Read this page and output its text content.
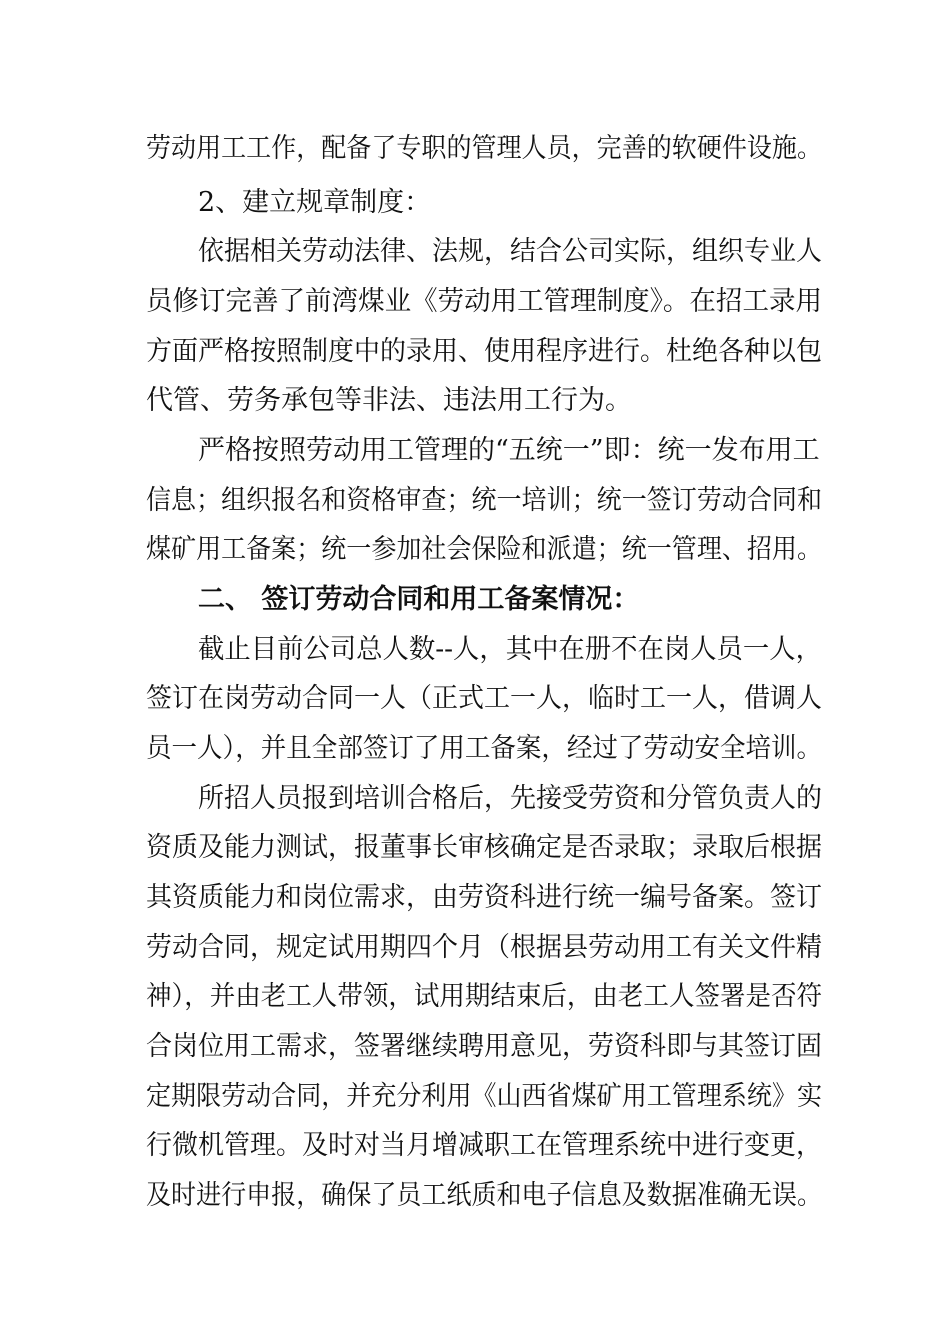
劳动用工工作，配备了专职的管理人员，完善的软硬件设施。
2、建立规章制度：
依据相关劳动法律、法规，结合公司实际，组织专业人
员修订完善了前湾煤业《劳动用工管理制度》。在招工录用
方面严格按照制度中的录用、使用程序进行。杜绝各种以包
代管、劳务承包等非法、违法用工行为。
严格按照劳动用工管理的“五统一”即：统一发布用工
信息；组织报名和资格审查；统一培训；统一签订劳动合同和
煤矿用工备案；统一参加社会保险和派遣；统一管理、招用。
二、 签订劳动合同和用工备案情况：
截止目前公司总人数--人，其中在册不在岗人员一人，
签订在岗劳动合同一人（正式工一人，临时工一人，借调人
员一人），并且全部签订了用工备案，经过了劳动安全培训。
所招人员报到培训合格后，先接受劳资和分管负责人的
资质及能力测试，报董事长审核确定是否录取；录取后根据
其资质能力和岗位需求，由劳资科进行统一编号备案。签订
劳动合同，规定试用期四个月（根据县劳动用工有关文件精
神），并由老工人带领，试用期结束后，由老工人签署是否符
合岗位用工需求，签署继续聘用意见，劳资科即与其签订固
定期限劳动合同，并充分利用《山西省煤矿用工管理系统》实
行微机管理。及时对当月增减职工在管理系统中进行变更，
及时进行申报，确保了员工纸质和电子信息及数据准确无误。
